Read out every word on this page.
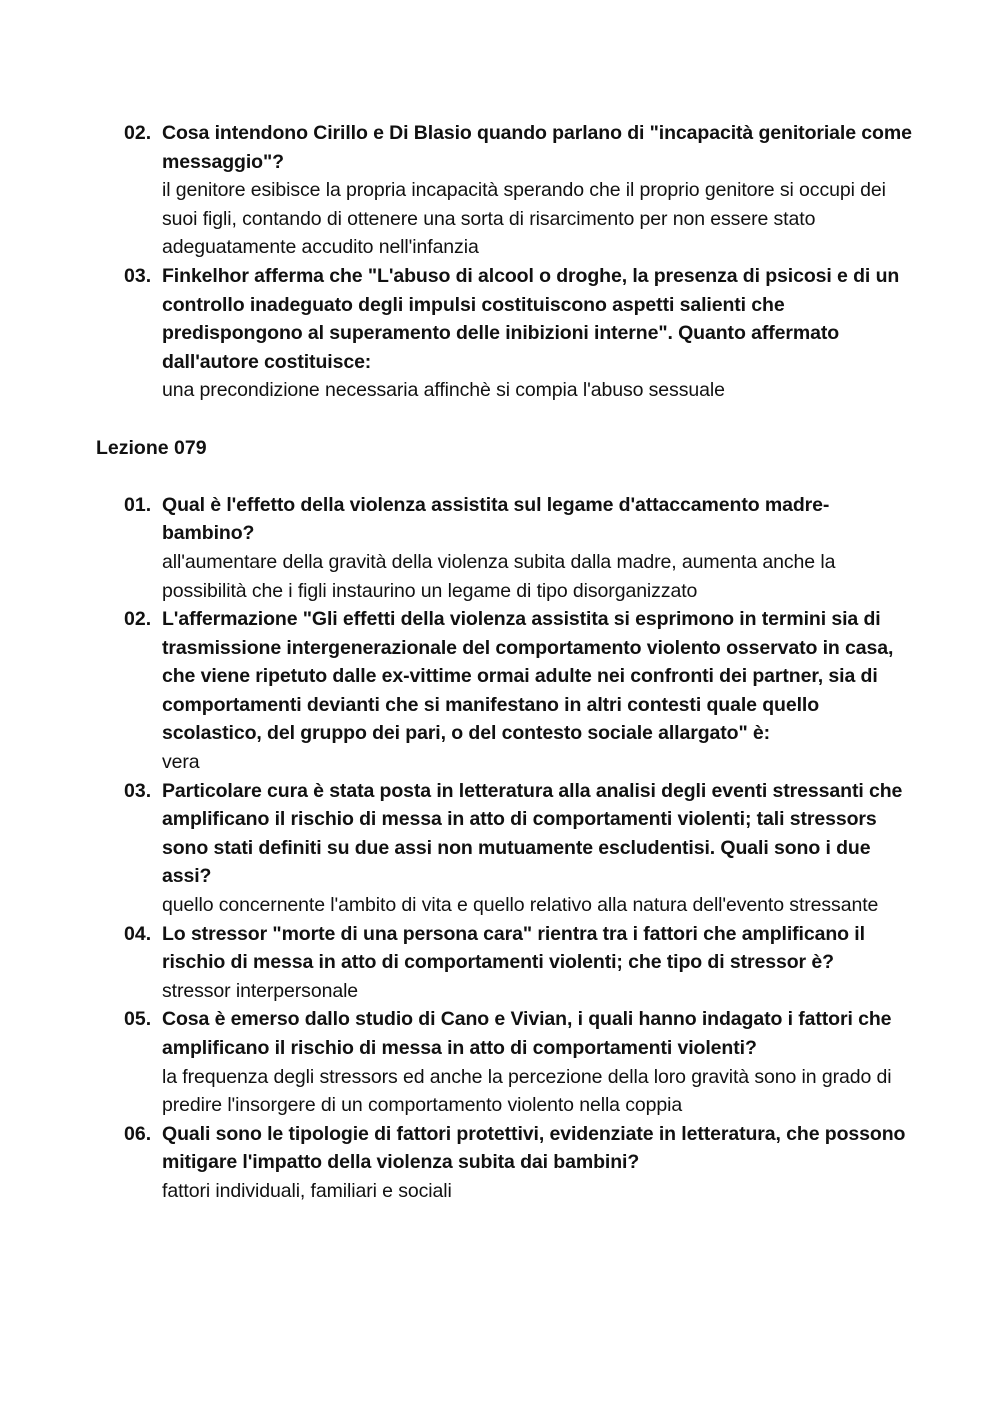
02. Cosa intendono Cirillo e Di Blasio quando parlano di "incapacità genitoriale come messaggio"?

il genitore esibisce la propria incapacità sperando che il proprio genitore si occupi dei suoi figli, contando di ottenere una sorta di risarcimento per non essere stato adeguatamente accudito nell'infanzia

03. Finkelhor afferma che "L'abuso di alcool o droghe, la presenza di psicosi e di un controllo inadeguato degli impulsi costituiscono aspetti salienti che predispongono al superamento delle inibizioni interne". Quanto affermato dall'autore costituisce:

una precondizione necessaria affinchè si compia l'abuso sessuale

Lezione 079
01. Qual è l'effetto della violenza assistita sul legame d'attaccamento madre-bambino?

all'aumentare della gravità della violenza subita dalla madre, aumenta anche la possibilità che i figli instaurino un legame di tipo disorganizzato

02. L'affermazione "Gli effetti della violenza assistita si esprimono in termini sia di trasmissione intergenerazionale del comportamento violento osservato in casa, che viene ripetuto dalle ex-vittime ormai adulte nei confronti dei partner, sia di comportamenti devianti che si manifestano in altri contesti quale quello scolastico, del gruppo dei pari, o del contesto sociale allargato" è:

vera

03. Particolare cura è stata posta in letteratura alla analisi degli eventi stressanti che amplificano il rischio di messa in atto di comportamenti violenti; tali stressors sono stati definiti su due assi non mutuamente escludentisi. Quali sono i due assi?

quello concernente l'ambito di vita e quello relativo alla natura dell'evento stressante

04. Lo stressor "morte di una persona cara" rientra tra i fattori che amplificano il rischio di messa in atto di comportamenti violenti; che tipo di stressor è?

stressor interpersonale

05. Cosa è emerso dallo studio di Cano e Vivian, i quali hanno indagato i fattori che amplificano il rischio di messa in atto di comportamenti violenti?

la frequenza degli stressors ed anche la percezione della loro gravità sono in grado di predire l'insorgere di un comportamento violento nella coppia

06. Quali sono le tipologie di fattori protettivi, evidenziate in letteratura, che possono mitigare l'impatto della violenza subita dai bambini?

fattori individuali, familiari e sociali
